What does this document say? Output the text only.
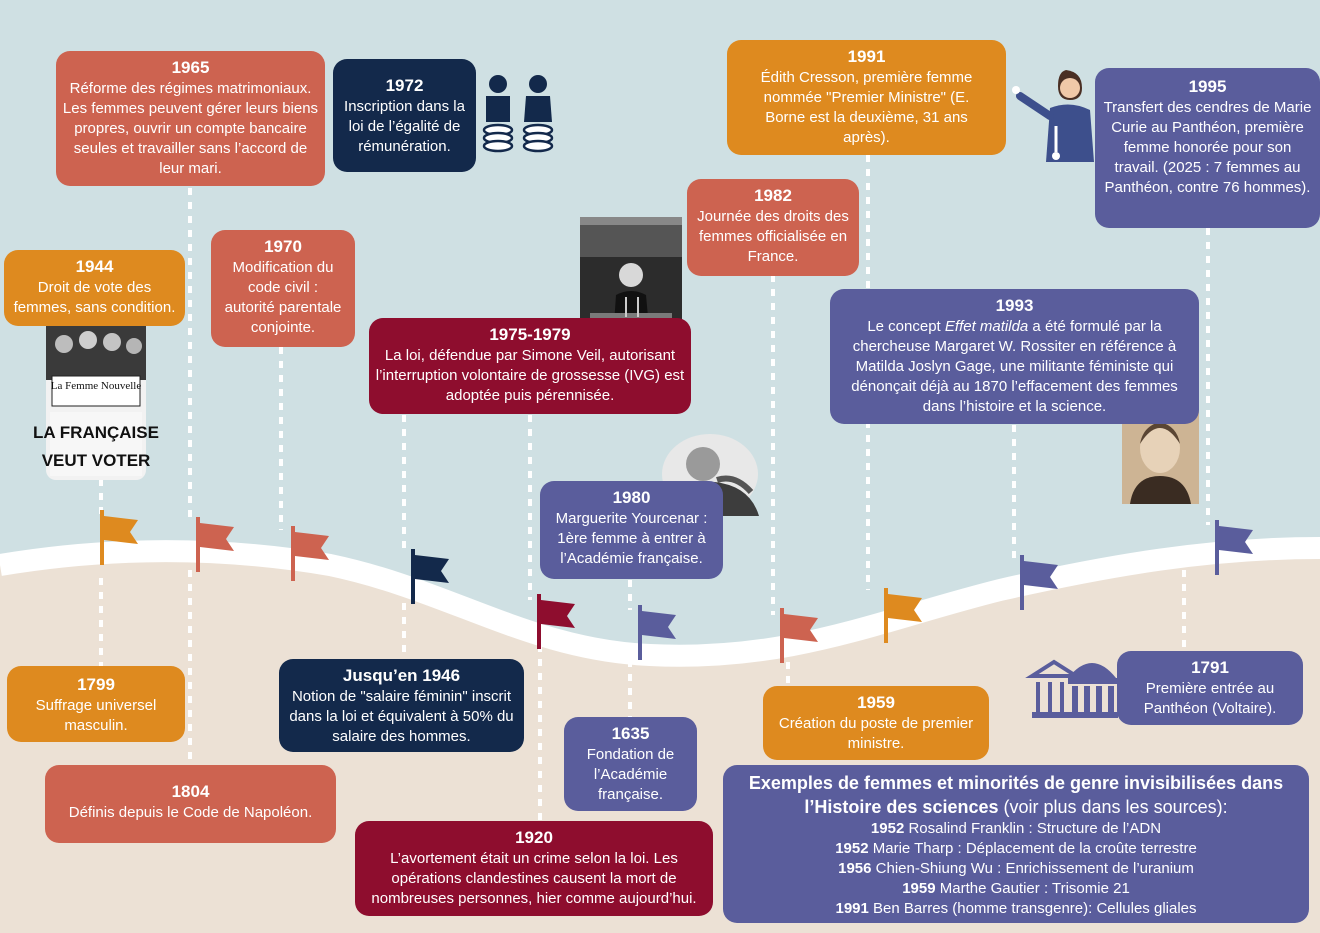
La Femme Nouvelle
LA FRANÇAISE
VEUT VOTER
1965
Réforme des régimes matrimoniaux. Les femmes peuvent gérer leurs biens propres, ouvrir un compte bancaire seules et travailler sans l’accord de leur mari.
1972
Inscription dans la loi de l’égalité de rémunération.
1991
Édith Cresson, première femme nommée "Premier Ministre" (E. Borne est la deuxième, 31 ans après).
1995
Transfert des cendres de Marie Curie au Panthéon, première femme honorée pour son travail. (2025 : 7 femmes au Panthéon, contre 76 hommes).
1944
Droit de vote des femmes, sans condition.
1970
Modification du code civil : autorité parentale conjointe.
1982
Journée des droits des femmes officialisée en France.
1975-1979
La loi, défendue par Simone Veil, autorisant l’interruption volontaire de grossesse (IVG) est adoptée puis pérennisée.
1993
Le concept Effet matilda a été formulé par la chercheuse Margaret W. Rossiter en référence à Matilda Joslyn Gage, une militante féministe qui dénonçait déjà au 1870 l’effacement des femmes dans l’histoire et la science.
1980
Marguerite Yourcenar : 1ère femme à entrer à l’Académie française.
1799
Suffrage universel masculin.
Jusqu’en 1946
Notion de "salaire féminin" inscrit dans la loi et équivalent à 50% du salaire des hommes.	1635
Fondation de l’Académie française.
1959
Création du poste de premier ministre.
1791
Première entrée au Panthéon (Voltaire).
1804
Définis depuis le Code de Napoléon.
1920
L’avortement était un crime selon la loi. Les opérations clandestines causent la mort de nombreuses personnes, hier comme aujourd’hui.
Exemples de femmes et minorités de genre invisibilisées dans l’Histoire des sciences (voir plus dans les sources):
1952 Rosalind Franklin : Structure de l’ADN
1952 Marie Tharp : Déplacement de la croûte terrestre
1956 Chien-Shiung Wu : Enrichissement de l’uranium
1959 Marthe Gautier : Trisomie 21
1991 Ben Barres (homme transgenre): Cellules gliales
